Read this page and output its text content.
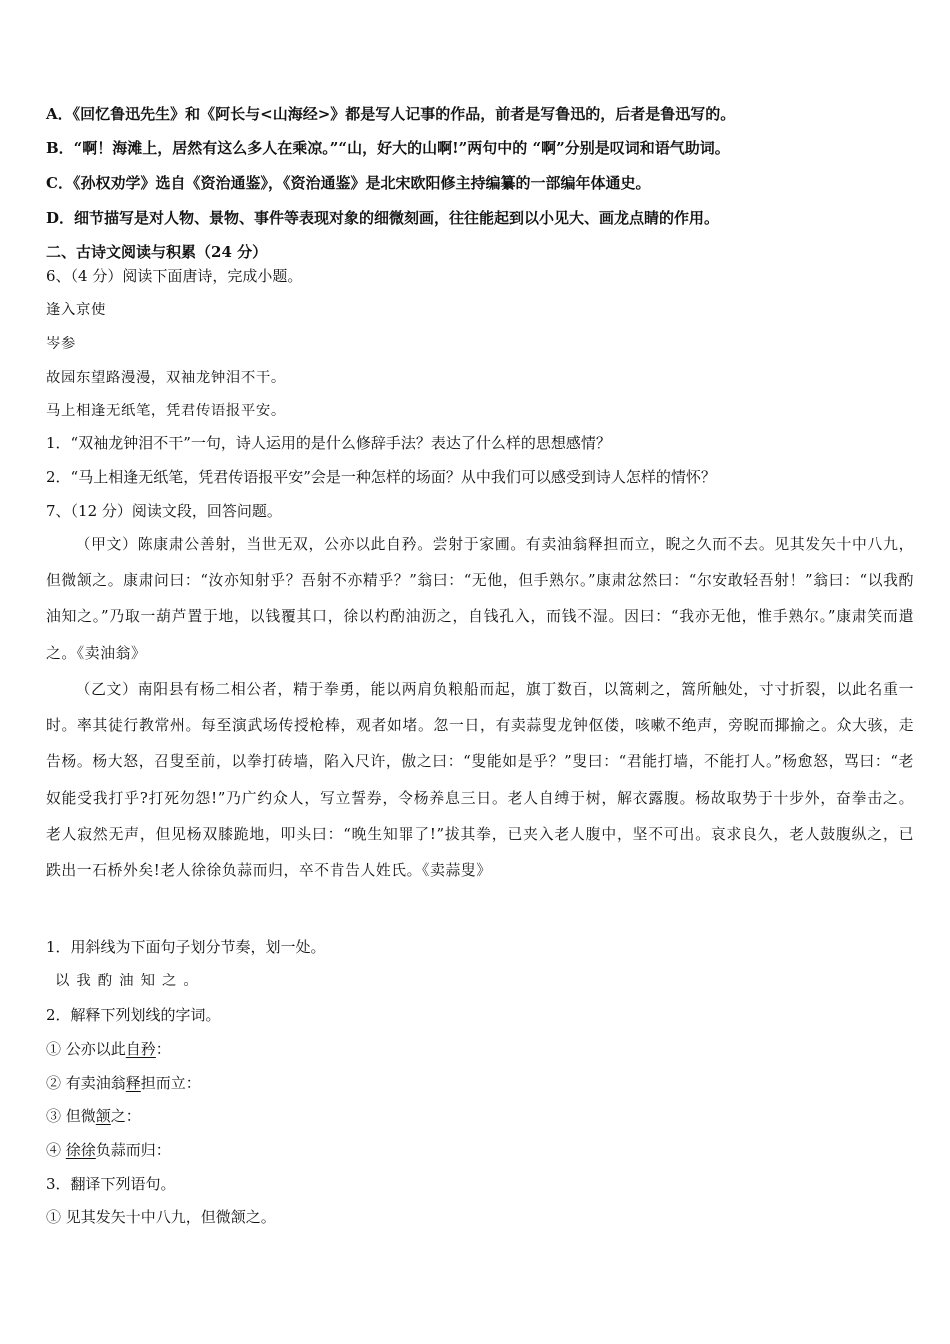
A．《回忆鲁迅先生》和《阿长与<山海经>》都是写人记事的作品，前者是写鲁迅的，后者是鲁迅写的。
B．“啊！海滩上，居然有这么多人在乘凉。”“山，好大的山啊!”两句中的 “啊”分别是叹词和语气助词。
C．《孙权劝学》选自《资治通鉴》，《资治通鉴》是北宋欧阳修主持编纂的一部编年体通史。
D．细节描写是对人物、景物、事件等表现对象的细微刻画，往往能起到以小见大、画龙点睛的作用。
二、古诗文阅读与积累（24 分）
6、（4 分）阅读下面唐诗，完成小题。
逢入京使
岑参
故园东望路漫漫，双袖龙钟泪不干。
马上相逢无纸笔，凭君传语报平安。
1．“双袖龙钟泪不干”一句，诗人运用的是什么修辞手法？表达了什么样的思想感情？
2．“马上相逢无纸笔，凭君传语报平安”会是一种怎样的场面？从中我们可以感受到诗人怎样的情怀？
7、（12 分）阅读文段，回答问题。
（甲文）陈康肃公善射，当世无双，公亦以此自矜。尝射于家圃。有卖油翁释担而立，睨之久而不去。见其发矢十中八九，但微颔之。康肃问曰：“汝亦知射乎？吾射不亦精乎？”翁曰：“无他，但手熟尔。”康肃忿然曰：“尔安敢轻吾射！”翁曰：“以我酌油知之。”乃取一葫芦置于地，以钱覆其口，徐以杓酌油沥之，自钱孔入，而钱不湿。因曰：“我亦无他，惟手熟尔。”康肃笑而遣之。《卖油翁》
（乙文）南阳县有杨二相公者，精于拳勇，能以两肩负粮船而起，旗丁数百，以篙刺之，篙所触处，寸寸折裂，以此名重一时。率其徒行教常州。每至演武场传授枪棒，观者如堵。忽一日，有卖蒜叟龙钟伛偻，咳嗽不绝声，旁睨而揶揄之。众大骇，走告杨。杨大怒，召叟至前，以拳打砖墙，陷入尺许，傲之曰：“叟能如是乎？”叟曰：“君能打墙，不能打人。”杨愈怒，骂曰：“老奴能受我打乎?打死勿怨!”乃广约众人，写立誓券，令杨养息三日。老人自缚于树，解衣露腹。杨故取势于十步外，奋拳击之。老人寂然无声，但见杨双膝跪地，叩头曰：“晚生知罪了!”拔其拳，已夹入老人腹中，坚不可出。哀求良久，老人鼓腹纵之，已跌出一石桥外矣!老人徐徐负蒜而归，卒不肯告人姓氏。《卖蒜叟》
1．用斜线为下面句子划分节奏，划一处。
以我酌油知之。
2．解释下列划线的字词。
① 公亦以此自矜：
② 有卖油翁释担而立：
③ 但微颔之：
④ 徐徐负蒜而归：
3．翻译下列语句。
① 见其发矢十中八九，但微颔之。
